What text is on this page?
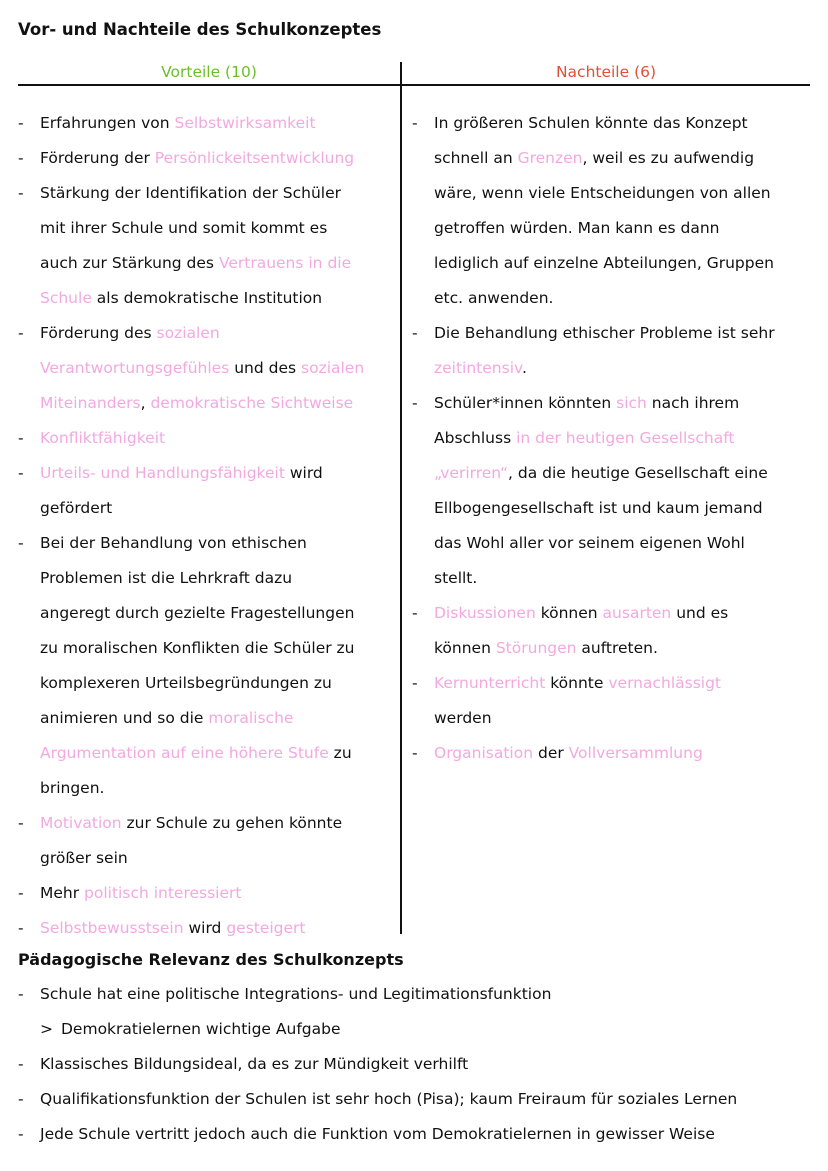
Vor- und Nachteile des Schulkonzeptes
Vorteile (10)	Nachteile (6)
- Erfahrungen von Selbstwirksamkeit
- Förderung der Persönlickeitsentwicklung
- Stärkung der Identifikation der Schüler
mit ihrer Schule und somit kommt es
auch zur Stärkung des Vertrauens in die
Schule als demokratische Institution
- Förderung des sozialen
Verantwortungsgefühles und des sozialen
Miteinanders, demokratische Sichtweise
- Konfliktfähigkeit
- Urteils- und Handlungsfähigkeit wird
gefördert
- Bei der Behandlung von ethischen
Problemen ist die Lehrkraft dazu
angeregt durch gezielte Fragestellungen
zu moralischen Konflikten die Schüler zu
komplexeren Urteilsbegründungen zu
animieren und so die moralische
Argumentation auf eine höhere Stufe zu
bringen.
- Motivation zur Schule zu gehen könnte
größer sein
- Mehr politisch interessiert
- Selbstbewusstsein wird gesteigert
- In größeren Schulen könnte das Konzept
schnell an Grenzen, weil es zu aufwendig
wäre, wenn viele Entscheidungen von allen
getroffen würden. Man kann es dann
lediglich auf einzelne Abteilungen, Gruppen
etc. anwenden.
- Die Behandlung ethischer Probleme ist sehr
zeitintensiv.
- Schüler*innen könnten sich nach ihrem
Abschluss in der heutigen Gesellschaft
„verirren“, da die heutige Gesellschaft eine
Ellbogengesellschaft ist und kaum jemand
das Wohl aller vor seinem eigenen Wohl
stellt.
- Diskussionen können ausarten und es
können Störungen auftreten.
- Kernunterricht könnte vernachlässigt
werden
- Organisation der Vollversammlung
Pädagogische Relevanz des Schulkonzepts
- Schule hat eine politische Integrations- und Legitimationsfunktion
> Demokratielernen wichtige Aufgabe
- Klassisches Bildungsideal, da es zur Mündigkeit verhilft
- Qualifikationsfunktion der Schulen ist sehr hoch (Pisa); kaum Freiraum für soziales Lernen
- Jede Schule vertritt jedoch auch die Funktion vom Demokratielernen in gewisser Weise
